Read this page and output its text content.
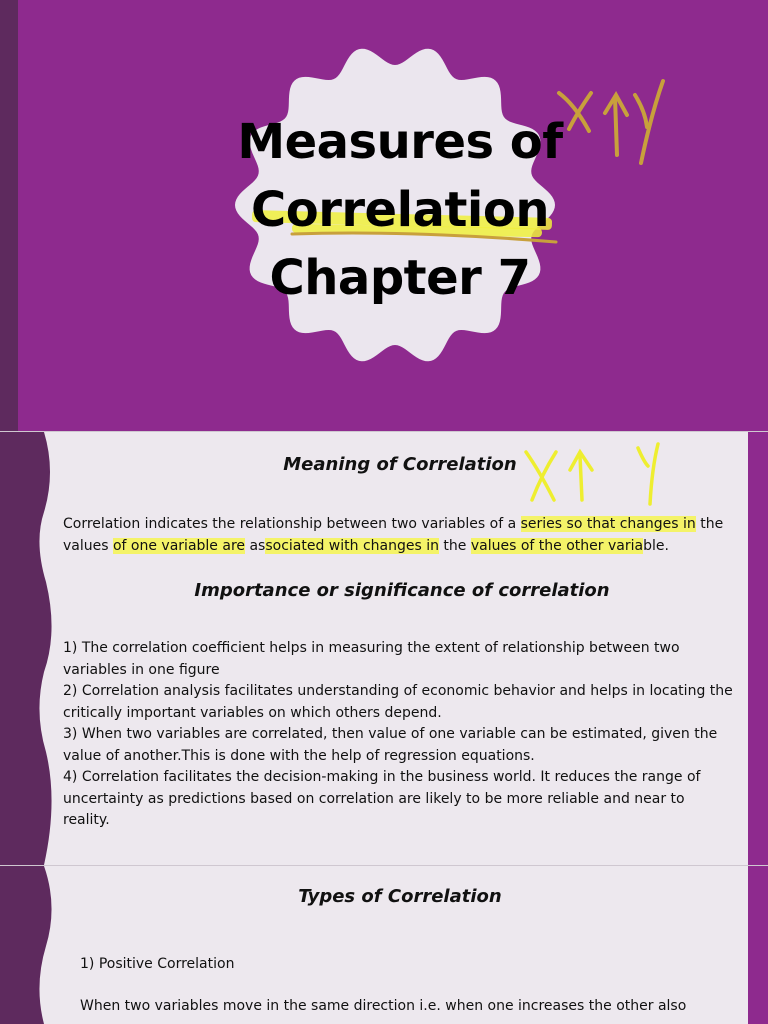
Measures of
Correlation
Chapter 7
Meaning of Correlation
Correlation indicates the relationship between two variables of a series so that changes in the
values of one variable are associated with changes in the values of the other variable.
Importance or significance of correlation
1) The correlation coefficient helps in measuring the extent of relationship between two
variables in one figure
2) Correlation analysis facilitates understanding of economic behavior and helps in locating the
critically important variables on which others depend.
3) When two variables are correlated, then value of one variable can be estimated, given the
value of another.This is done with the help of regression equations.
4) Correlation facilitates the decision-making in the business world. It reduces the range of
uncertainty as predictions based on correlation are likely to be more reliable and near to
reality.
Types of Correlation
1) Positive Correlation
When two variables move in the same direction i.e. when one increases the other also
